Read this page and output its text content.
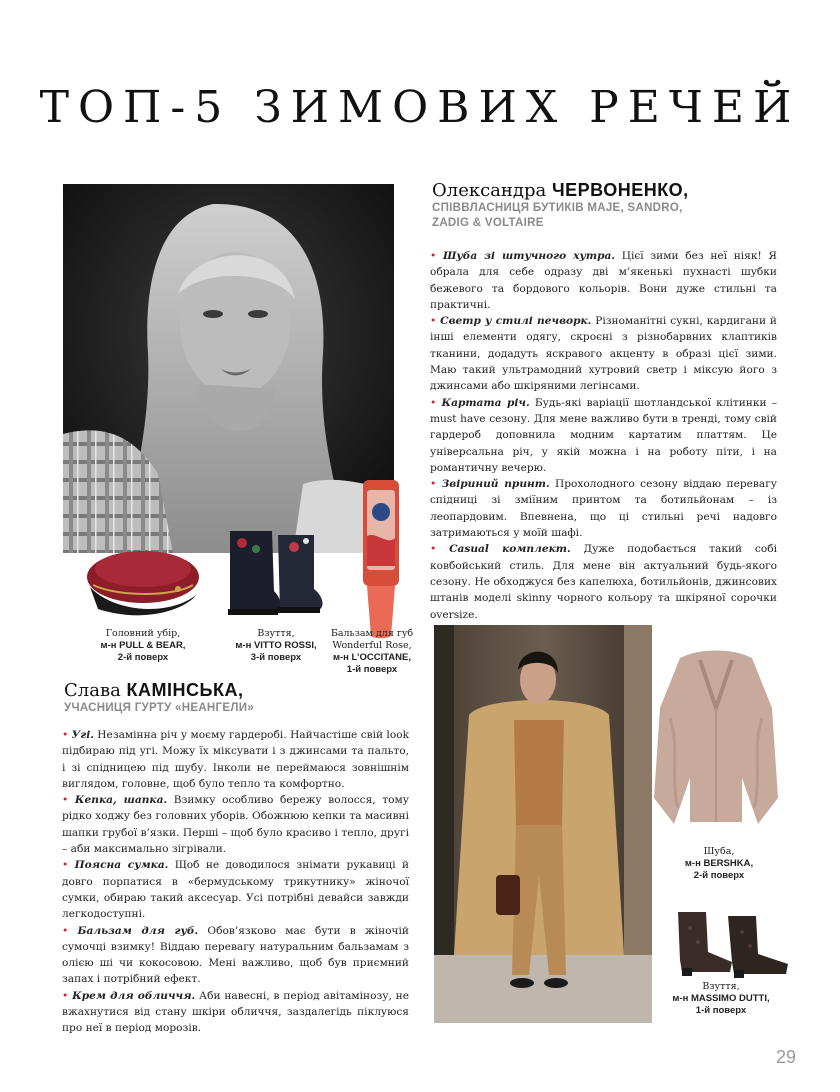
ТОП-5 ЗИМОВИХ РЕЧЕЙ
Головний убір,
м-н PULL & BEAR,
2-й поверх
Взуття,
м-н VITTO ROSSI,
3-й поверх
Бальзам для губ
Wonderful Rose,
м-н L’OCCITANE,
1-й поверх
Олександра ЧЕРВОНЕНКО,
СПІВВЛАСНИЦЯ БУТИКІВ MAJE, SANDRO,
ZADIG & VOLTAIRE

• Шуба зі штучного хутра. Цієї зими без неї ніяк! Я обрала для себе одразу дві м’якенькі пухнасті шубки бежевого та бордового кольорів. Вони дуже стильні та практичні.

• Светр у стилі печворк. Різноманітні сукні, кардигани й інші елементи одягу, скроєні з різнобарвних клаптиків тканини, додадуть яскравого акценту в образі цієї зими. Маю такий ультрамодний хутровий светр і міксую його з джинсами або шкіряними легінсами.

• Картата річ. Будь-які варіації шотландської клітинки – must have сезону. Для мене важливо бути в тренді, тому свій гардероб доповнила модним картатим платтям. Це універсальна річ, у якій можна і на роботу піти, і на романтичну вечерю.

• Звіриний принт. Прохолодного сезону віддаю перевагу спідниці зі зміїним принтом та ботильйонам – із леопардовим. Впевнена, що ці стильні речі надовго затримаються у моїй шафі.

• Casual комплект. Дуже подобається такий собі ковбойський стиль. Для мене він актуальний будь-якого сезону. Не обходжуся без капелюха, ботильйонів, джинсових штанів моделі skinny чорного кольору та шкіряної сорочки oversize.

Слава КАМІНСЬКА,
УЧАСНИЦЯ ГУРТУ «НЕАНГЕЛИ»

• Угі. Незамінна річ у моєму гардеробі. Найчастіше свій look підбираю під угі. Можу їх міксувати і з джинсами та пальто, і зі спідницею під шубу. Інколи не переймаюся зовнішнім виглядом, головне, щоб було тепло та комфортно.

• Кепка, шапка. Взимку особливо бережу волосся, тому рідко ходжу без головних уборів. Обожнюю кепки та масивні шапки грубої в’язки. Перші – щоб було красиво і тепло, другі – аби максимально зігрівали.

• Поясна сумка. Щоб не доводилося знімати рукавиці й довго порпатися в «бермудському трикутнику» жіночої сумки, обираю такий аксесуар. Усі потрібні девайси завжди легкодоступні.

• Бальзам для губ. Обов’язково має бути в жіночій сумочці взимку! Віддаю перевагу натуральним бальзамам з олією ші чи кокосовою. Мені важливо, щоб був приємний запах і потрібний ефект.

• Крем для обличчя. Аби навесні, в період авітамінозу, не вжахнутися від стану шкіри обличчя, заздалегідь піклуюся про неї в період морозів.

Шуба,
м-н BERSHKA,
2-й поверх
Взуття,
м-н MASSIMO DUTTI,
1-й поверх
29
